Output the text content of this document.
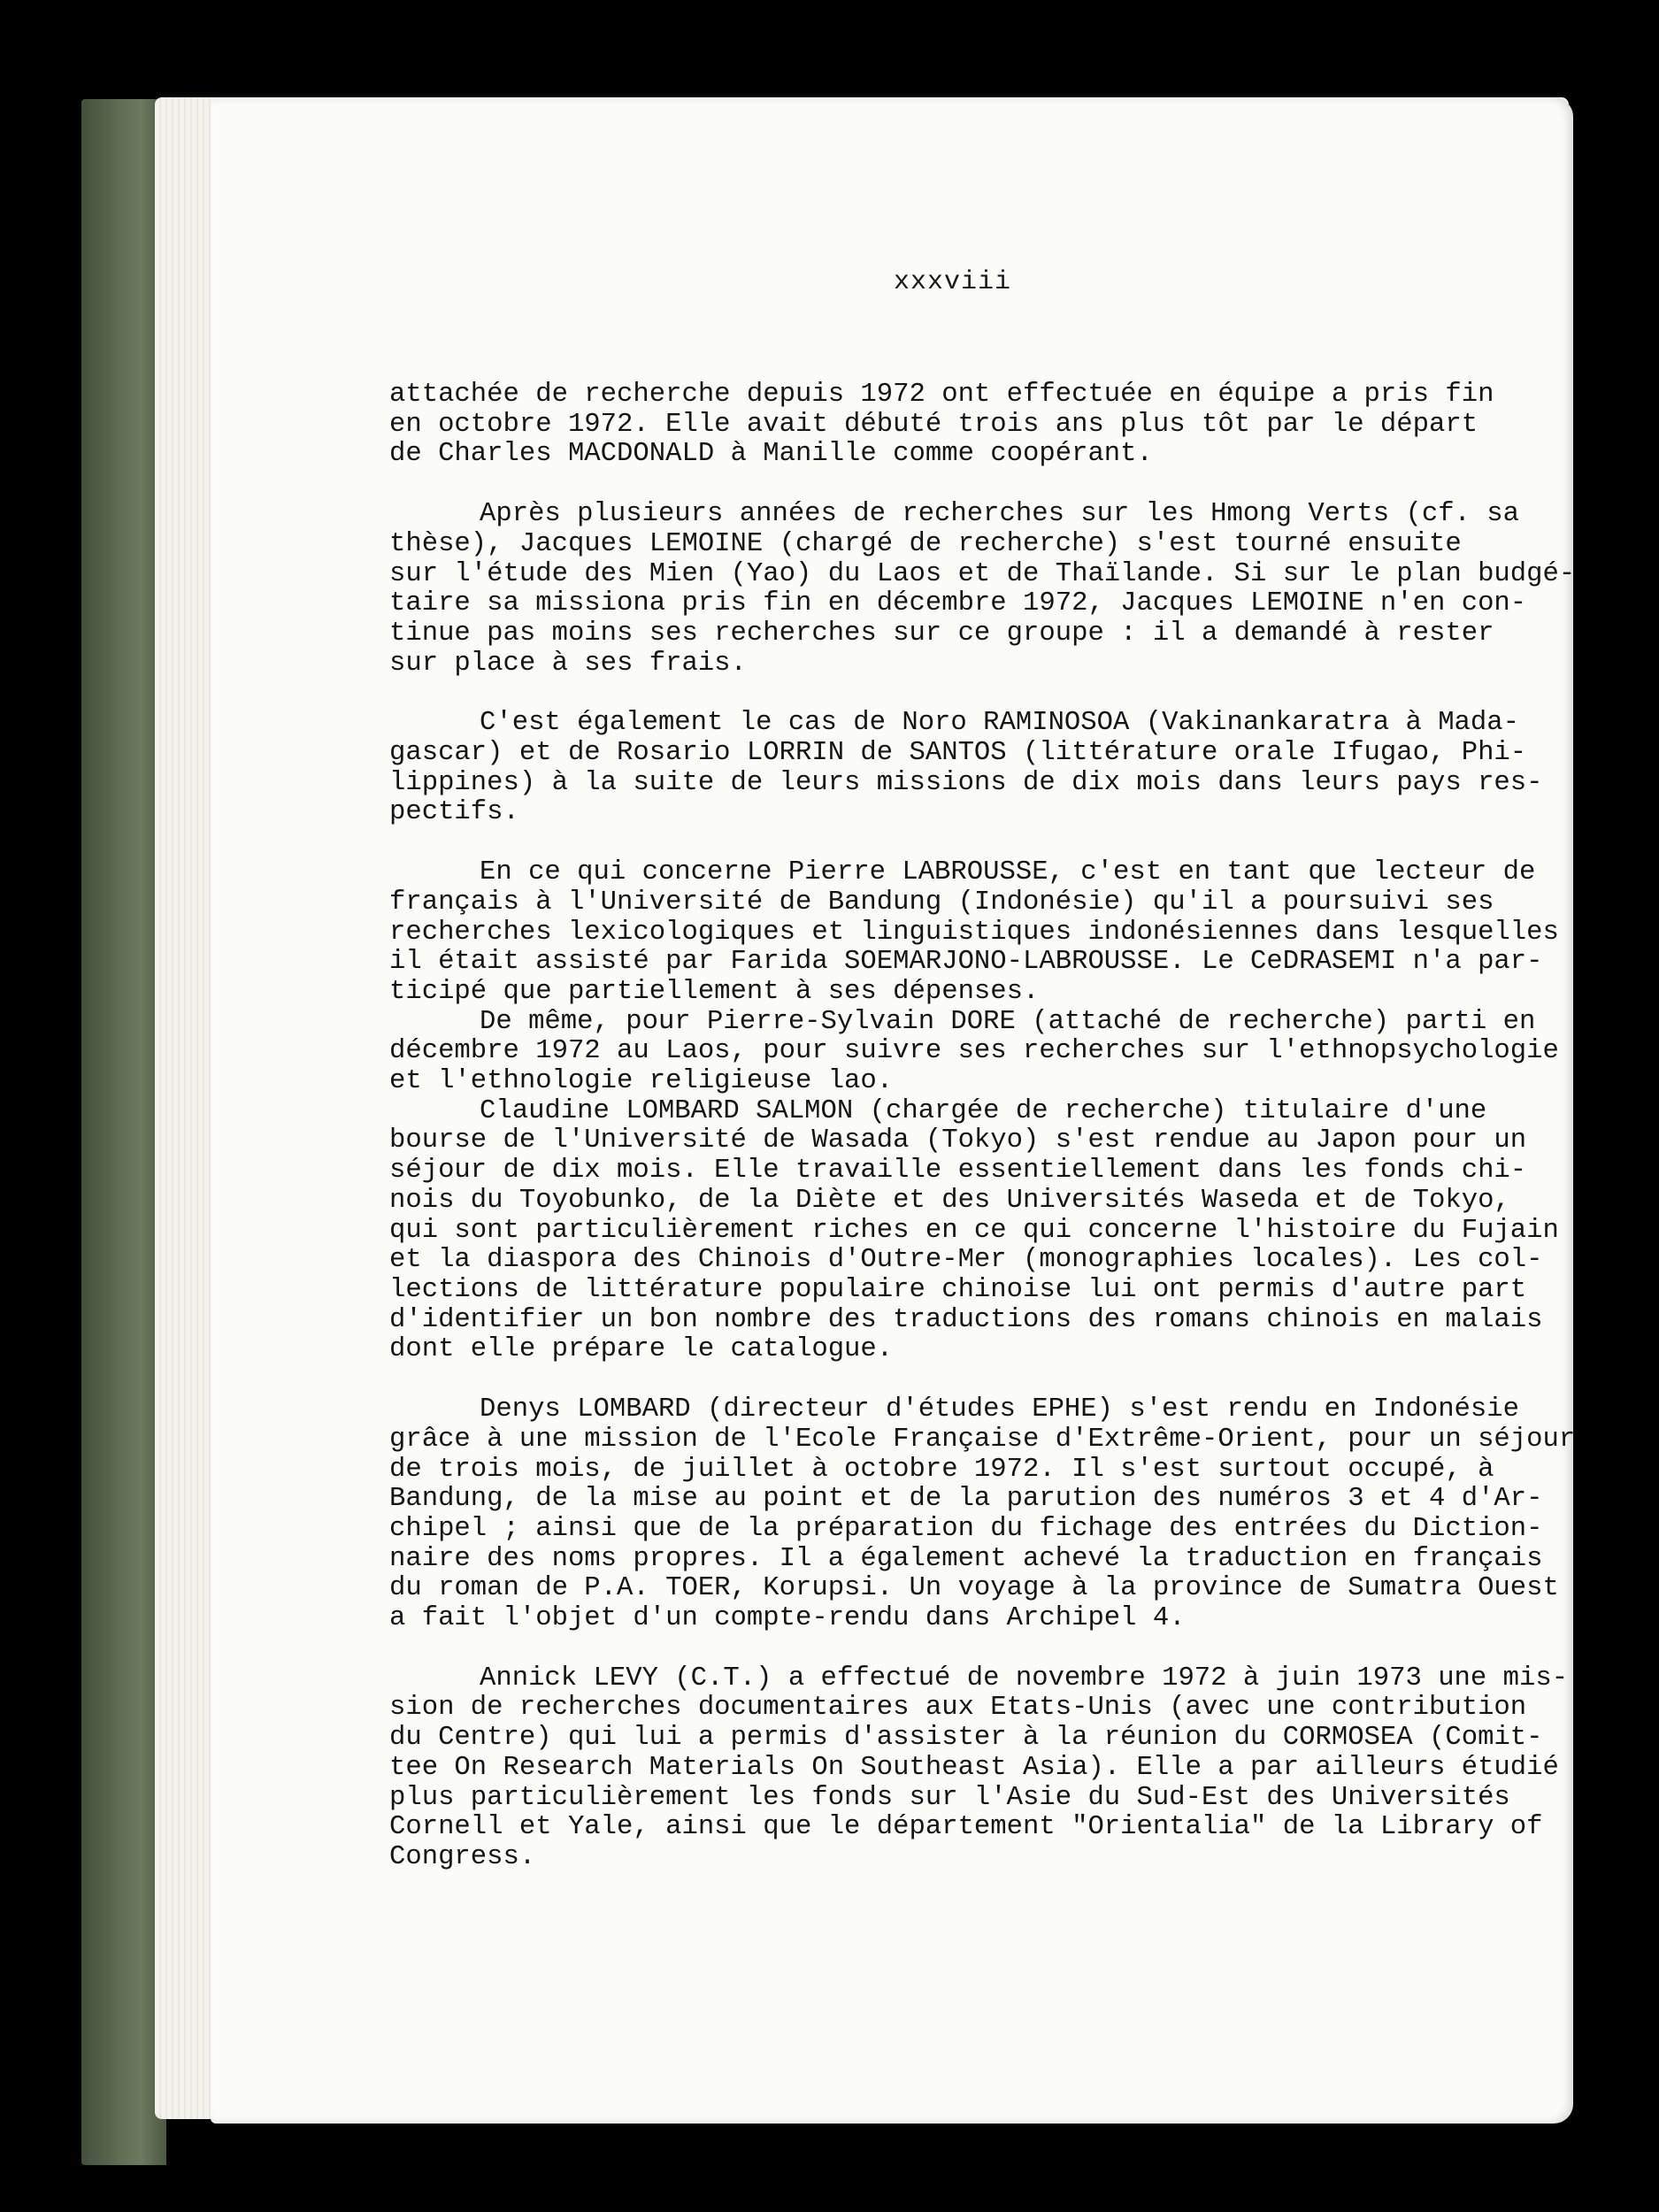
xxxviii
attachée de recherche depuis 1972 ont effectuée en équipe a pris fin
en octobre 1972. Elle avait débuté trois ans plus tôt par le départ
de Charles MACDONALD à Manille comme coopérant.
Après plusieurs années de recherches sur les Hmong Verts (cf. sa
thèse), Jacques LEMOINE (chargé de recherche) s'est tourné ensuite
sur l'étude des Mien (Yao) du Laos et de Thaïlande. Si sur le plan budgé-
taire sa missiona pris fin en décembre 1972, Jacques LEMOINE n'en con-
tinue pas moins ses recherches sur ce groupe : il a demandé à rester
sur place à ses frais.
C'est également le cas de Noro RAMINOSOA (Vakinankaratra à Mada-
gascar) et de Rosario LORRIN de SANTOS (littérature orale Ifugao, Phi-
lippines) à la suite de leurs missions de dix mois dans leurs pays res-
pectifs.
En ce qui concerne Pierre LABROUSSE, c'est en tant que lecteur de
français à l'Université de Bandung (Indonésie) qu'il a poursuivi ses
recherches lexicologiques et linguistiques indonésiennes dans lesquelles
il était assisté par Farida SOEMARJONO-LABROUSSE. Le CeDRASEMI n'a par-
ticipé que partiellement à ses dépenses.
De même, pour Pierre-Sylvain DORE (attaché de recherche) parti en
décembre 1972 au Laos, pour suivre ses recherches sur l'ethnopsychologie
et l'ethnologie religieuse lao.
Claudine LOMBARD SALMON (chargée de recherche) titulaire d'une
bourse de l'Université de Wasada (Tokyo) s'est rendue au Japon pour un
séjour de dix mois. Elle travaille essentiellement dans les fonds chi-
nois du Toyobunko, de la Diète et des Universités Waseda et de Tokyo,
qui sont particulièrement riches en ce qui concerne l'histoire du Fujain
et la diaspora des Chinois d'Outre-Mer (monographies locales). Les col-
lections de littérature populaire chinoise lui ont permis d'autre part
d'identifier un bon nombre des traductions des romans chinois en malais
dont elle prépare le catalogue.
Denys LOMBARD (directeur d'études EPHE) s'est rendu en Indonésie
grâce à une mission de l'Ecole Française d'Extrême-Orient, pour un séjour
de trois mois, de juillet à octobre 1972. Il s'est surtout occupé, à
Bandung, de la mise au point et de la parution des numéros 3 et 4 d'Ar-
chipel ; ainsi que de la préparation du fichage des entrées du Diction-
naire des noms propres. Il a également achevé la traduction en français
du roman de P.A. TOER, Korupsi. Un voyage à la province de Sumatra Ouest
a fait l'objet d'un compte-rendu dans Archipel 4.
Annick LEVY (C.T.) a effectué de novembre 1972 à juin 1973 une mis-
sion de recherches documentaires aux Etats-Unis (avec une contribution
du Centre) qui lui a permis d'assister à la réunion du CORMOSEA (Comit-
tee On Research Materials On Southeast Asia). Elle a par ailleurs étudié
plus particulièrement les fonds sur l'Asie du Sud-Est des Universités
Cornell et Yale, ainsi que le département "Orientalia" de la Library of
Congress.
